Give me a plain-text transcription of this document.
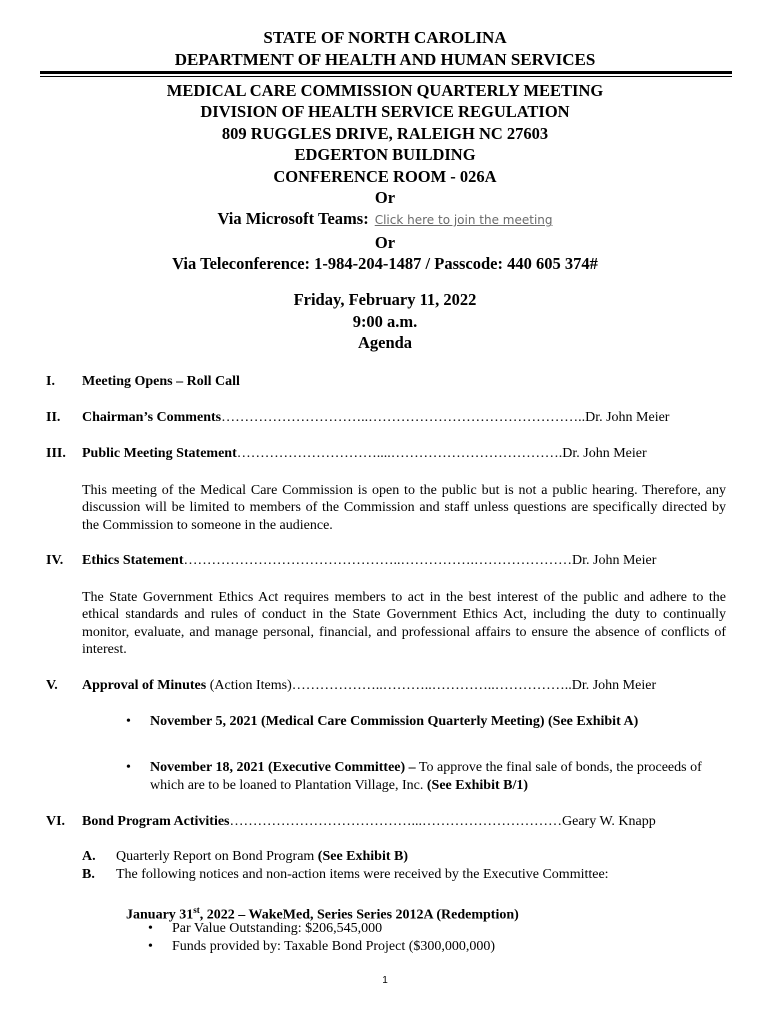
STATE OF NORTH CAROLINA
DEPARTMENT OF HEALTH AND HUMAN SERVICES
MEDICAL CARE COMMISSION QUARTERLY MEETING
DIVISION OF HEALTH SERVICE REGULATION
809 RUGGLES DRIVE, RALEIGH NC 27603
EDGERTON BUILDING
CONFERENCE ROOM - 026A
Or
Via Microsoft Teams: Click here to join the meeting
Or
Via Teleconference: 1-984-204-1487 / Passcode: 440 605 374#
Friday, February 11, 2022
9:00 a.m.
Agenda
I. Meeting Opens – Roll Call
II. Chairman’s Comments…………………………..………………………………………..Dr. John Meier
III. Public Meeting Statement…………………………....……………………………….Dr. John Meier
This meeting of the Medical Care Commission is open to the public but is not a public hearing. Therefore, any discussion will be limited to members of the Commission and staff unless questions are specifically directed by the Commission to someone in the audience.
IV. Ethics Statement………………………………………..…………….…………………Dr. John Meier
The State Government Ethics Act requires members to act in the best interest of the public and adhere to the ethical standards and rules of conduct in the State Government Ethics Act, including the duty to continually monitor, evaluate, and manage personal, financial, and professional affairs to ensure the absence of conflicts of interest.
V. Approval of Minutes (Action Items)………………..………..…………..……………..Dr. John Meier
• November 5, 2021 (Medical Care Commission Quarterly Meeting) (See Exhibit A)
• November 18, 2021 (Executive Committee) – To approve the final sale of bonds, the proceeds of which are to be loaned to Plantation Village, Inc. (See Exhibit B/1)
VI. Bond Program Activities…………………………………...…………………………Geary W. Knapp
A. Quarterly Report on Bond Program (See Exhibit B)
B. The following notices and non-action items were received by the Executive Committee:
January 31st, 2022 – WakeMed, Series Series 2012A (Redemption)
• Par Value Outstanding: $206,545,000
• Funds provided by: Taxable Bond Project ($300,000,000)
1
